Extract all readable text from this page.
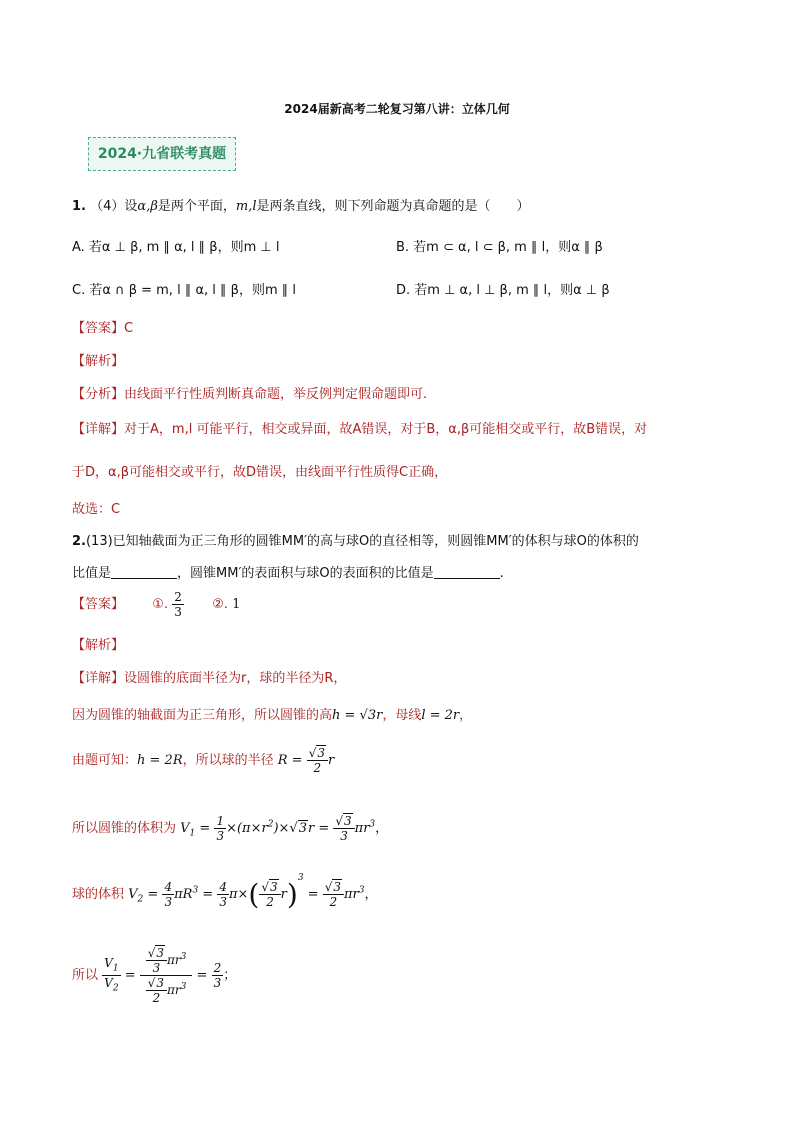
2024届新高考二轮复习第八讲：立体几何
2024·九省联考真题
1. （4）设α,β是两个平面，m,l是两条直线，则下列命题为真命题的是（　　）
A. 若α ⊥ β, m ∥ α, l ∥ β，则m ⊥ l	B. 若m ⊂ α, l ⊂ β, m ∥ l，则α ∥ β
C. 若α ∩ β = m, l ∥ α, l ∥ β，则m ∥ l	D. 若m ⊥ α, l ⊥ β, m ∥ l，则α ⊥ β
【答案】C
【解析】
【分析】由线面平行性质判断真命题，举反例判定假命题即可.
【详解】对于A，m,l 可能平行，相交或异面，故A错误，对于B，α,β可能相交或平行，故B错误，对
于D，α,β可能相交或平行，故D错误，由线面平行性质得C正确，
故选：C
2.(13)已知轴截面为正三角形的圆锥MM′的高与球O的直径相等，则圆锥MM′的体积与球O的体积的
比值是	，圆锥MM′的表面积与球O的表面积的比值是	.
【答案】 ①. $\frac{2}{3}$ ②. 1
【解析】
【详解】设圆锥的底面半径为r，球的半径为R，
因为圆锥的轴截面为正三角形，所以圆锥的高h = √3r，母线l = 2r，
由题可知：h = 2R，所以球的半径 $R = \frac{√3}{2}$ r
所以圆锥的体积为 $V_1 = \frac{1}{3} \times(\pi\times r^2)\times√3r = \frac{√3}{3} \pi r^3$，
球的体积 $V_2 = \frac{4}{3} \pi R^3 = \frac{4}{3} \pi\times( \frac{√3}{2} r)^3 = \frac{√3}{2} \pi r^3$，
所以 $\frac{V_1}{V_2} = \frac{\frac{√3}{3} \pi r^3}{\frac{√3}{2} \pi r^3} = \frac{2}{3}$ ；
